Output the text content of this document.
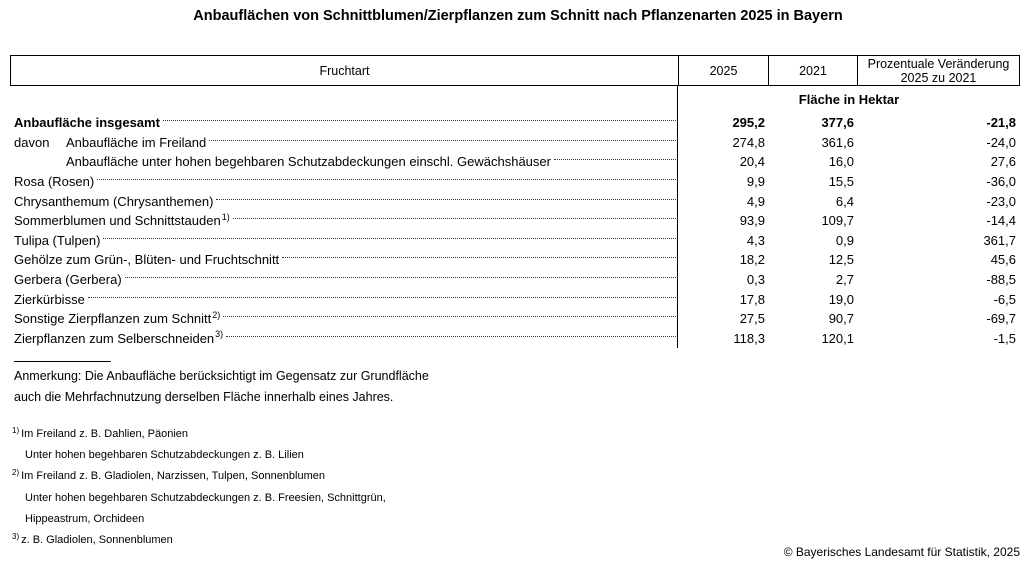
Anbauflächen von Schnittblumen/Zierpflanzen zum Schnitt nach Pflanzenarten 2025 in Bayern
Fruchtart	2025	2021	Prozentuale Veränderung
2025 zu 2021
Fläche in Hektar
Anbaufläche insgesamt	295,2	377,6	-21,8
davon	Anbaufläche im Freiland	274,8	361,6	-24,0
Anbaufläche unter hohen begehbaren Schutzabdeckungen einschl. Gewächshäuser	20,4	16,0	27,6
Rosa (Rosen)	9,9	15,5	-36,0
Chrysanthemum (Chrysanthemen)	4,9	6,4	-23,0
Sommerblumen und Schnittstauden 1)	93,9	109,7	-14,4
Tulipa (Tulpen)	4,3	0,9	361,7
Gehölze zum Grün-, Blüten- und Fruchtschnitt	18,2	12,5	45,6
Gerbera (Gerbera)	0,3	2,7	-88,5
Zierkürbisse	17,8	19,0	-6,5
Sonstige Zierpflanzen zum Schnitt 2)	27,5	90,7	-69,7
Zierpflanzen zum Selberschneiden 3)	118,3	120,1	-1,5
Anmerkung: Die Anbaufläche berücksichtigt im Gegensatz zur Grundfläche
auch die Mehrfachnutzung derselben Fläche innerhalb eines Jahres.
$^{1)}$ Im Freiland z. B. Dahlien, Päonien
Unter hohen begehbaren Schutzabdeckungen z. B. Lilien
$^{2)}$ Im Freiland z. B. Gladiolen, Narzissen, Tulpen, Sonnenblumen
Unter hohen begehbaren Schutzabdeckungen z. B. Freesien, Schnittgrün,
Hippeastrum, Orchideen
$^{3)}$ z. B. Gladiolen, Sonnenblumen
© Bayerisches Landesamt für Statistik, 2025
